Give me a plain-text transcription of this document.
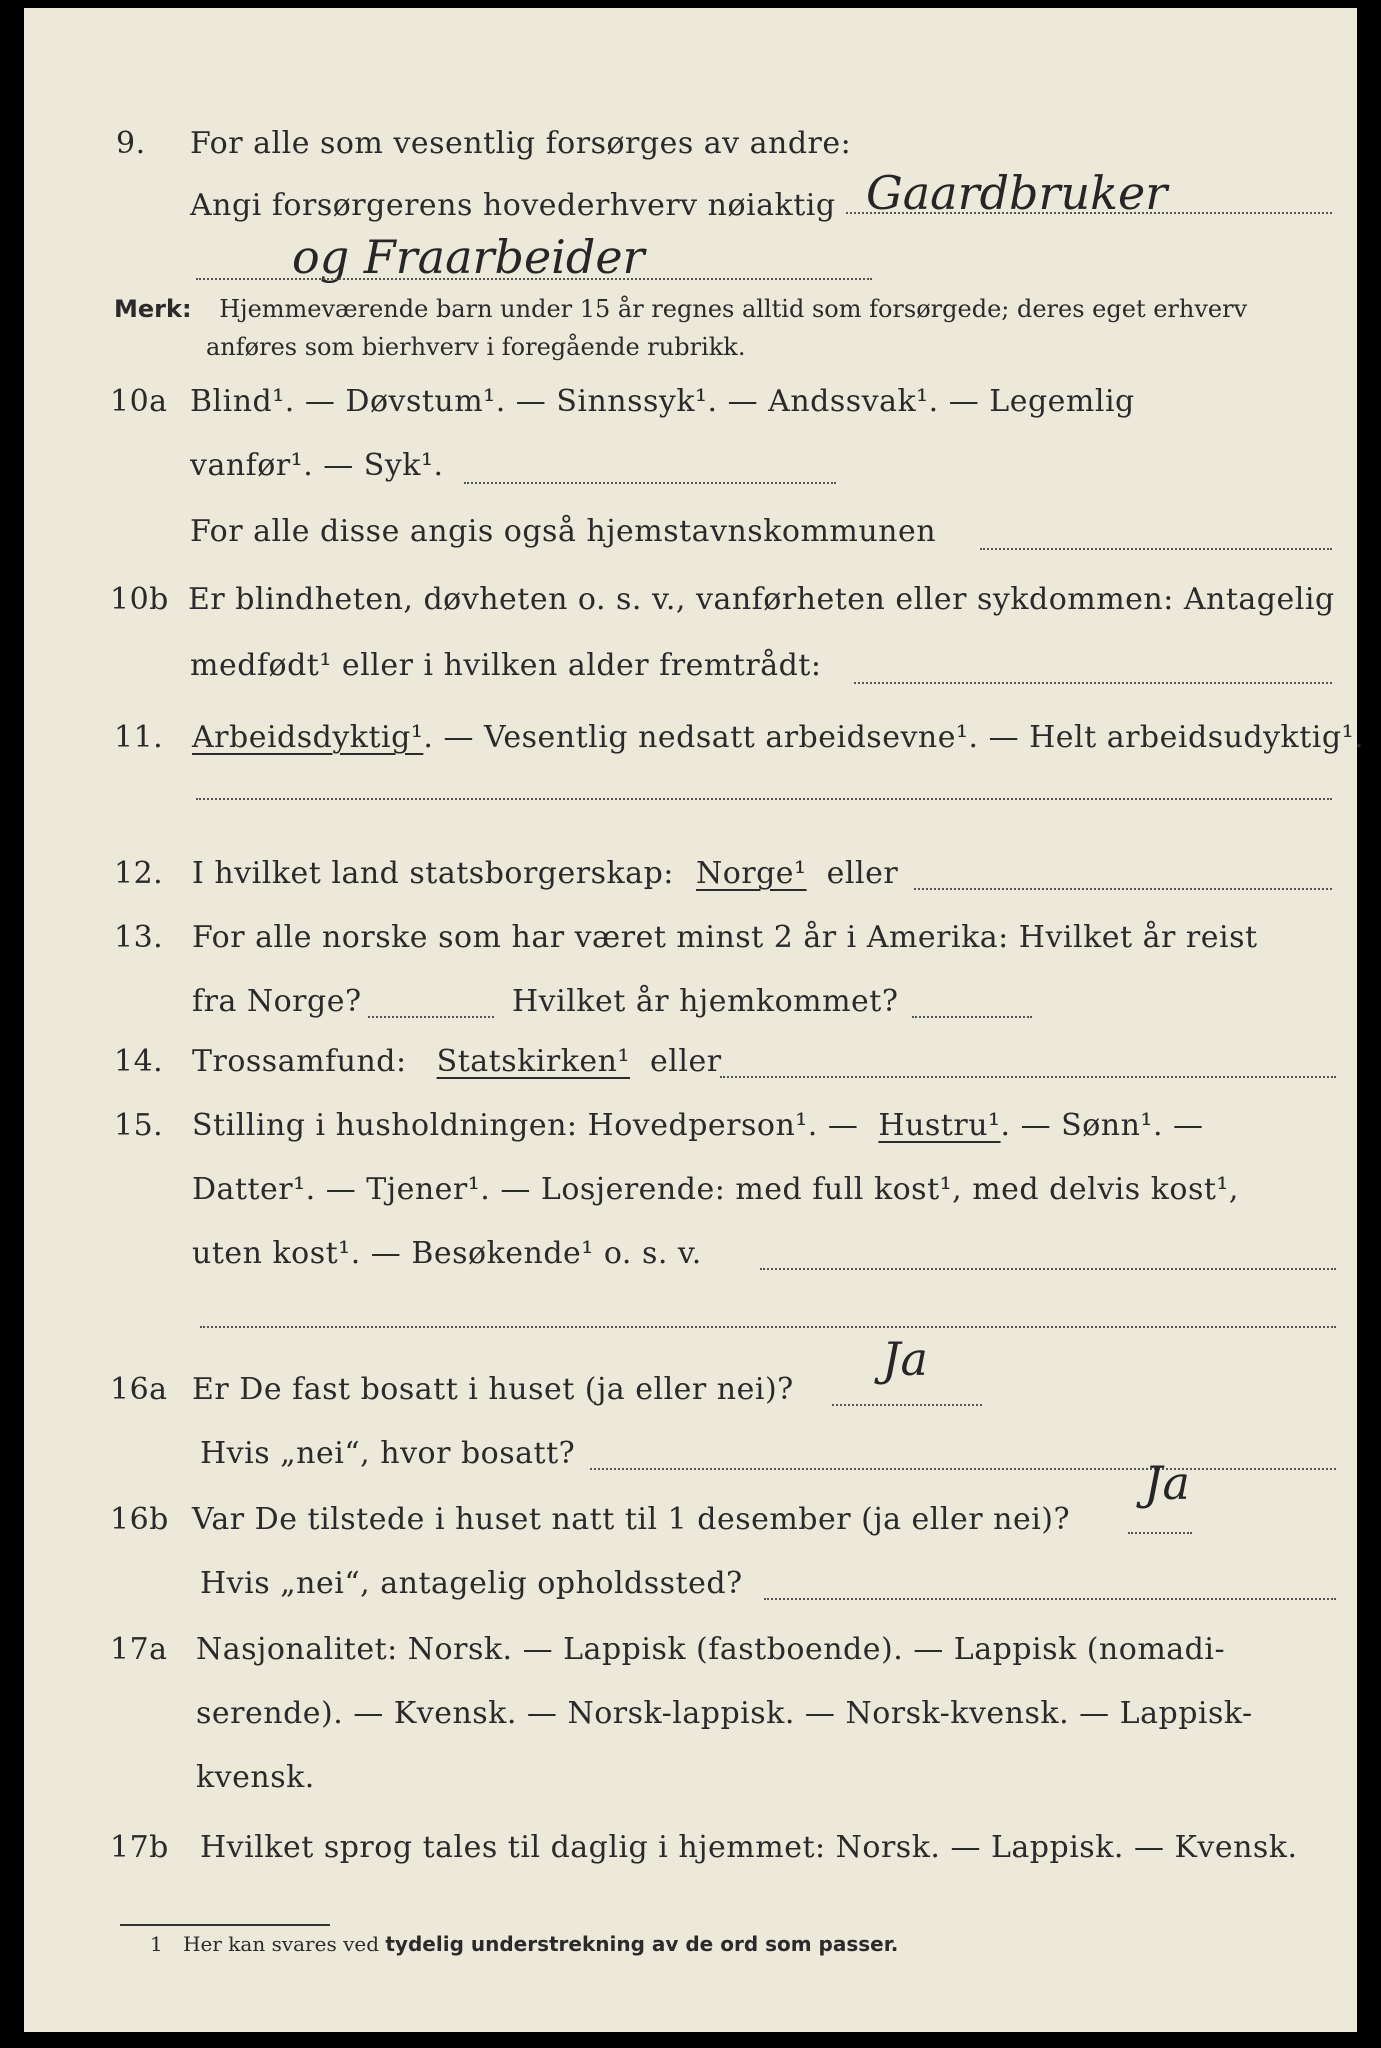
9. For alle som vesentlig forsørges av andre:
Angi forsørgerens hovederhverv nøiaktig Gaardbruker
og Fraarbeider
Merk: Hjemmeværende barn under 15 år regnes alltid som forsørgede; deres eget erhverv
anføres som bierhverv i foregående rubrikk.
10a Blind¹. — Døvstum¹. — Sinnssyk¹. — Andssvak¹. — Legemlig
vanfør¹. — Syk¹.
For alle disse angis også hjemstavnskommunen
10b Er blindheten, døvheten o. s. v., vanførheten eller sykdommen: Antagelig
medfødt¹ eller i hvilken alder fremtrådt:
11. Arbeidsdyktig¹. — Vesentlig nedsatt arbeidsevne¹. — Helt arbeidsudyktig¹.
12. I hvilket land statsborgerskap: Norge¹ eller
13. For alle norske som har været minst 2 år i Amerika: Hvilket år reist
fra Norge?	Hvilket år hjemkommet?
14. Trossamfund: Statskirken¹ eller
15. Stilling i husholdningen: Hovedperson¹. — Hustru¹. — Sønn¹. —
Datter¹. — Tjener¹. — Losjerende: med full kost¹, med delvis kost¹,
uten kost¹. — Besøkende¹ o. s. v.
16a Er De fast bosatt i huset (ja eller nei)?
Ja
Hvis „nei“, hvor bosatt?
16b Var De tilstede i huset natt til 1 desember (ja eller nei)?
Ja
Hvis „nei“, antagelig opholdssted?
17a Nasjonalitet: Norsk. — Lappisk (fastboende). — Lappisk (nomadi-
serende). — Kvensk. — Norsk-lappisk. — Norsk-kvensk. — Lappisk-
kvensk.
17b Hvilket sprog tales til daglig i hjemmet: Norsk. — Lappisk. — Kvensk.
1 Her kan svares ved tydelig understrekning av de ord som passer.
